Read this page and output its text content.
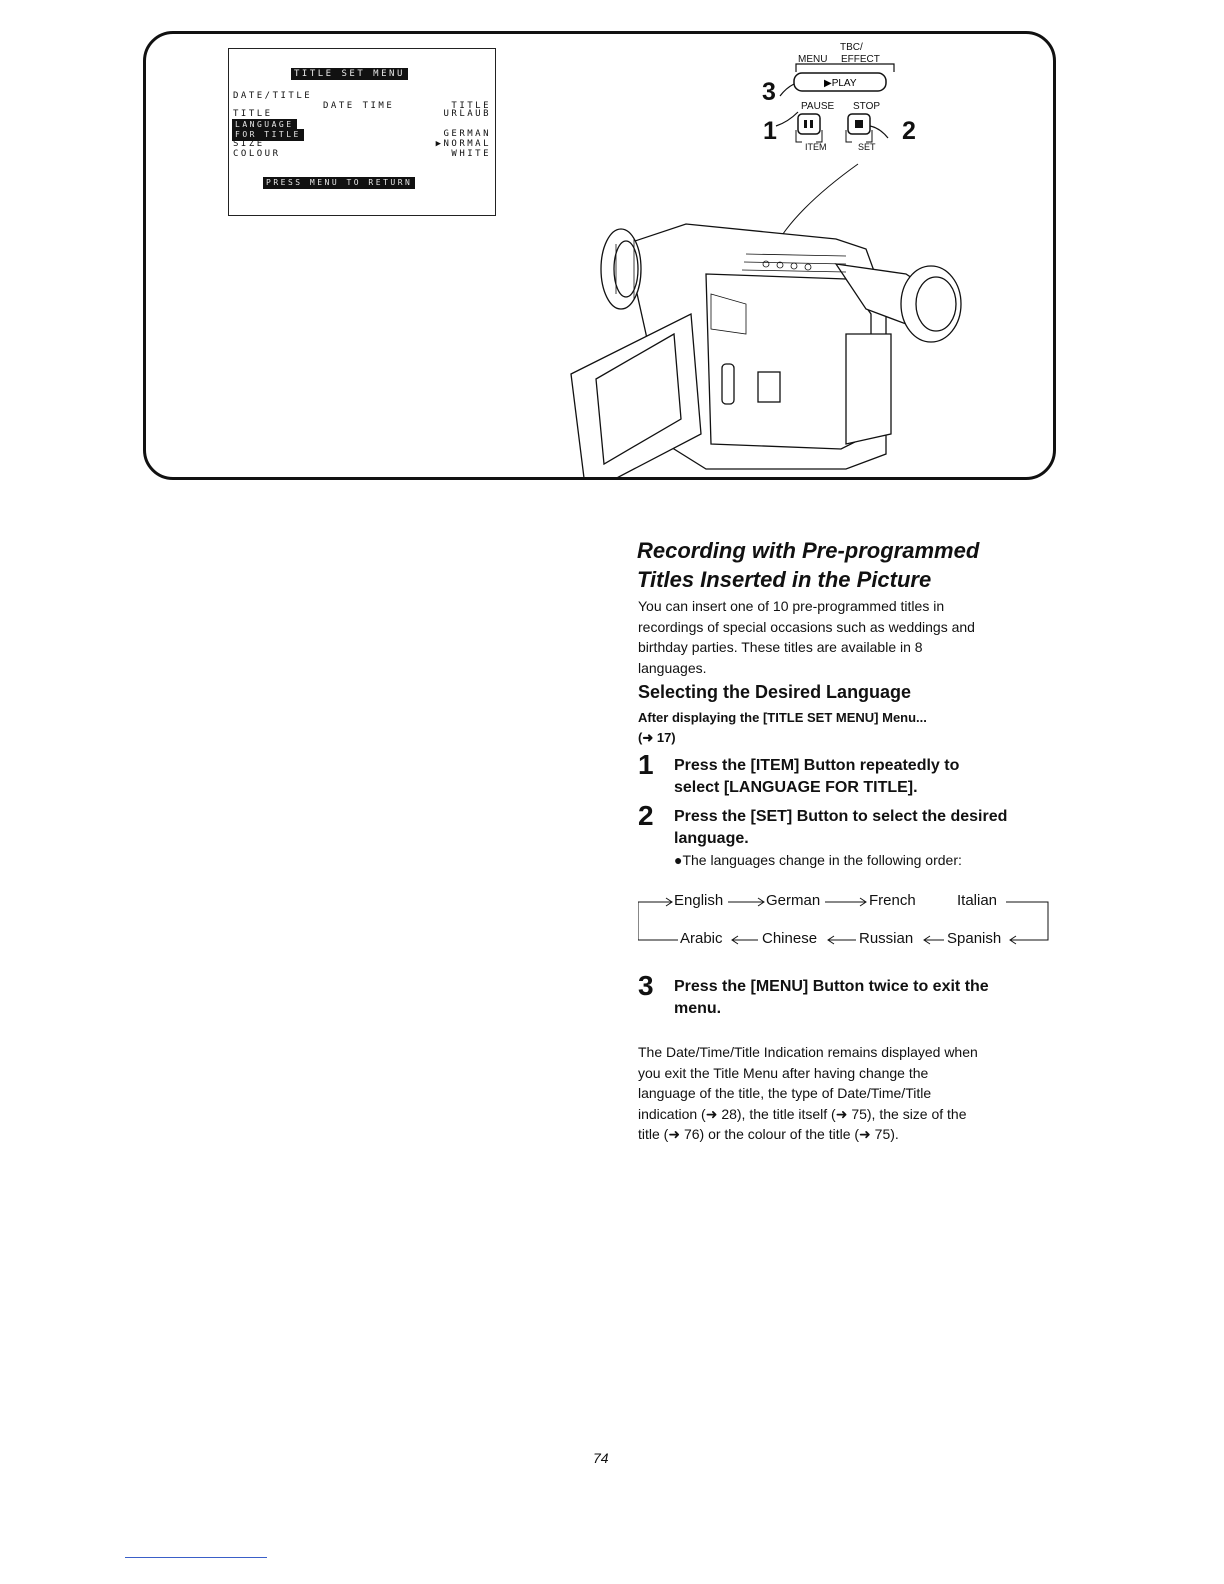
TITLE SET MENU
DATE/TITLE
DATE TIME	TITLE
TITLE	URLAUB
LANGUAGE
FOR TITLE	GERMAN
SIZE	▶NORMAL
COLOUR	WHITE
PRESS MENU TO RETURN
TBC/
MENU EFFECT
PAUSE STOP
ITEM	SET
▶PLAY
3
1	2
Recording with Pre-programmed
Titles Inserted in the Picture

You can insert one of 10 pre-programmed titles in
recordings of special occasions such as weddings and
birthday parties. These titles are available in 8
languages.

Selecting the Desired Language
After displaying the [TITLE SET MENU] Menu...
(➜ 17)
1 Press the [ITEM] Button repeatedly to
select [LANGUAGE FOR TITLE].
2 Press the [SET] Button to select the desired
language.
●The languages change in the following order:
English	German	French	Italian
Arabic	Chinese	Russian Spanish
3 Press the [MENU] Button twice to exit the
menu.

The Date/Time/Title Indication remains displayed when
you exit the Title Menu after having change the
language of the title, the type of Date/Time/Title
indication (➜ 28), the title itself (➜ 75), the size of the
title (➜ 76) or the colour of the title (➜ 75).

74
